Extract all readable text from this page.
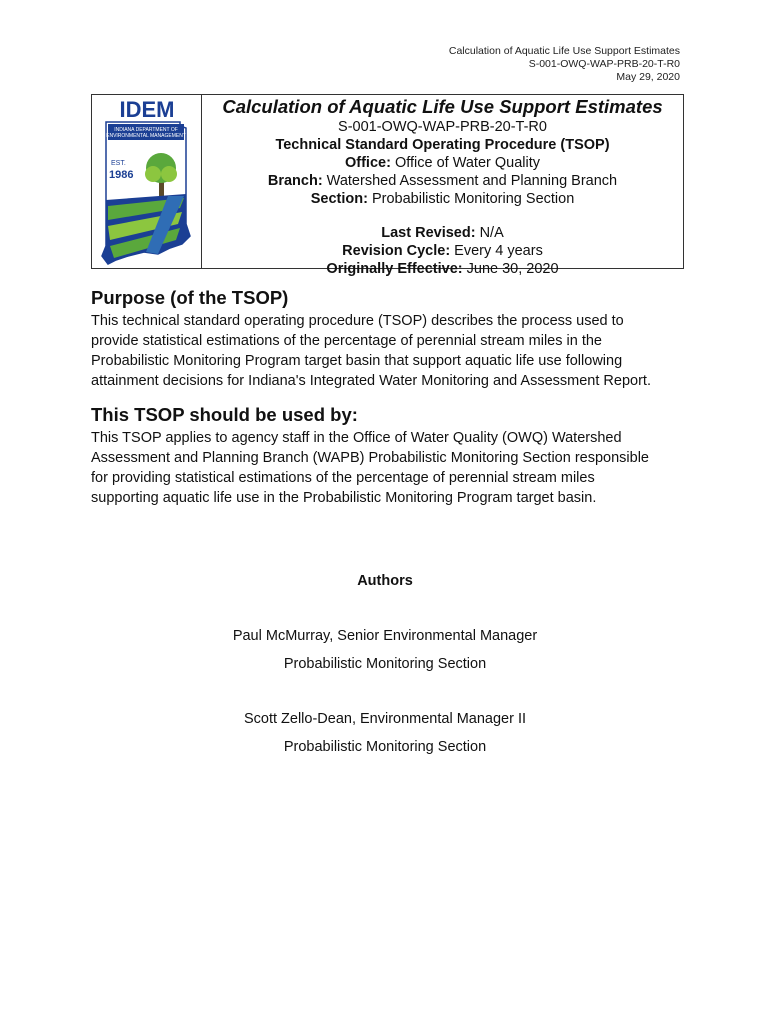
Calculation of Aquatic Life Use Support Estimates
S-001-OWQ-WAP-PRB-20-T-R0
May 29, 2020
IDEM
INDIANA DEPARTMENT OF
ENVIRONMENTAL MANAGEMENT
EST.
1986
Calculation of Aquatic Life Use Support Estimates
S-001-OWQ-WAP-PRB-20-T-R0
Technical Standard Operating Procedure (TSOP)
Office: Office of Water Quality
Branch: Watershed Assessment and Planning Branch
Section: Probabilistic Monitoring Section
Last Revised: N/A
Revision Cycle: Every 4 years
Originally Effective: June 30, 2020
Purpose (of the TSOP)

This technical standard operating procedure (TSOP) describes the process used to
provide statistical estimations of the percentage of perennial stream miles in the
Probabilistic Monitoring Program target basin that support aquatic life use following
attainment decisions for Indiana's Integrated Water Monitoring and Assessment Report.

This TSOP should be used by:

This TSOP applies to agency staff in the Office of Water Quality (OWQ) Watershed
Assessment and Planning Branch (WAPB) Probabilistic Monitoring Section responsible
for providing statistical estimations of the percentage of perennial stream miles
supporting aquatic life use in the Probabilistic Monitoring Program target basin.

Authors
Paul McMurray, Senior Environmental Manager
Probabilistic Monitoring Section
Scott Zello-Dean, Environmental Manager II
Probabilistic Monitoring Section
